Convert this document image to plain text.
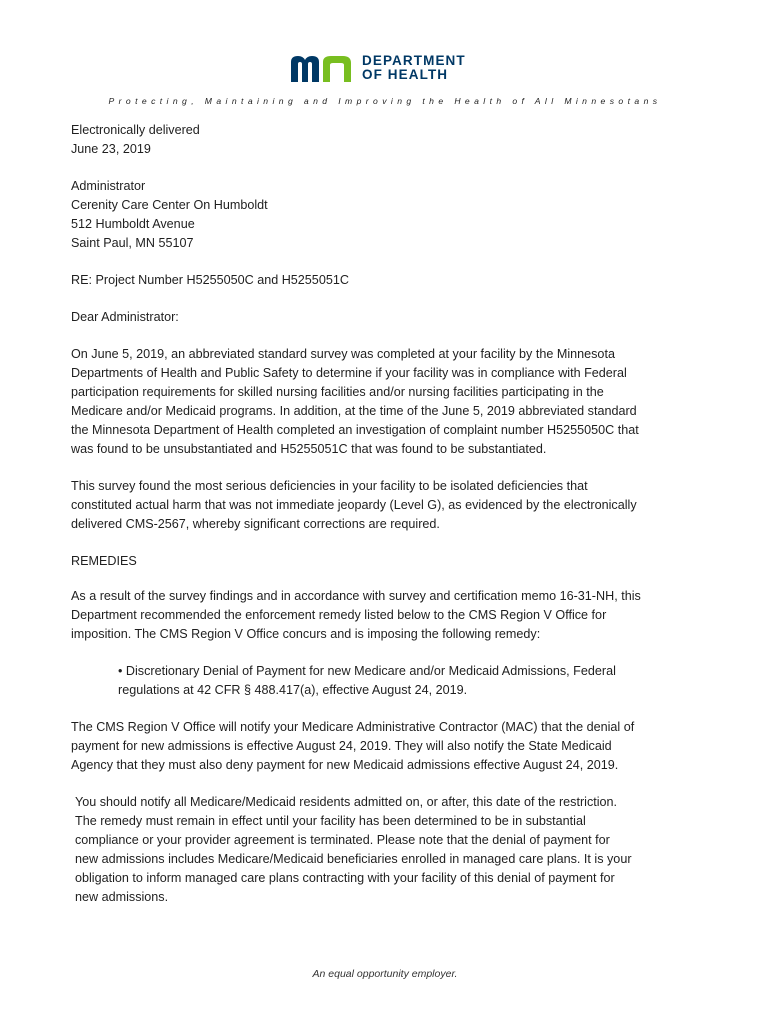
DEPARTMENT
OF HEALTH
Protecting, Maintaining and Improving the Health of All Minnesotans

Electronically delivered
June 23, 2019

Administrator
Cerenity Care Center On Humboldt
512 Humboldt Avenue
Saint Paul, MN 55107

RE: Project Number H5255050C and H5255051C

Dear Administrator:

On June 5, 2019, an abbreviated standard survey was completed at your facility by the Minnesota
Departments of Health and Public Safety to determine if your facility was in compliance with Federal
participation requirements for skilled nursing facilities and/or nursing facilities participating in the
Medicare and/or Medicaid programs. In addition, at the time of the June 5, 2019 abbreviated standard
the Minnesota Department of Health completed an investigation of complaint number H5255050C that
was found to be unsubstantiated and H5255051C that was found to be substantiated.

This survey found the most serious deficiencies in your facility to be isolated deficiencies that
constituted actual harm that was not immediate jeopardy (Level G), as evidenced by the electronically
delivered CMS-2567, whereby significant corrections are required.

REMEDIES

As a result of the survey findings and in accordance with survey and certification memo 16-31-NH, this
Department recommended the enforcement remedy listed below to the CMS Region V Office for
imposition. The CMS Region V Office concurs and is imposing the following remedy:

• Discretionary Denial of Payment for new Medicare and/or Medicaid Admissions, Federal
regulations at 42 CFR § 488.417(a), effective August 24, 2019.

The CMS Region V Office will notify your Medicare Administrative Contractor (MAC) that the denial of
payment for new admissions is effective August 24, 2019. They will also notify the State Medicaid
Agency that they must also deny payment for new Medicaid admissions effective August 24, 2019.

You should notify all Medicare/Medicaid residents admitted on, or after, this date of the restriction.
The remedy must remain in effect until your facility has been determined to be in substantial
compliance or your provider agreement is terminated. Please note that the denial of payment for
new admissions includes Medicare/Medicaid beneficiaries enrolled in managed care plans. It is your
obligation to inform managed care plans contracting with your facility of this denial of payment for
new admissions.

An equal opportunity employer.
